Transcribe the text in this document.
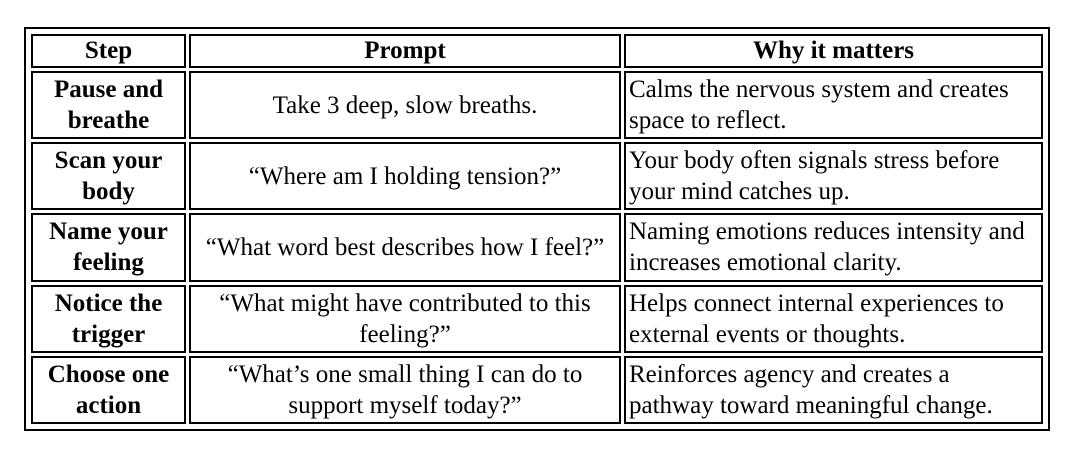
Step	Prompt	Why it matters
Pause and breathe	Take 3 deep, slow breaths.	Calms the nervous system and creates space to reflect.
Scan your body	“Where am I holding tension?”	Your body often signals stress before your mind catches up.
Name your feeling	“What word best describes how I feel?”	Naming emotions reduces intensity and increases emotional clarity.
Notice the trigger	“What might have contributed to this feeling?”	Helps connect internal experiences to external events or thoughts.
Choose one action	“What’s one small thing I can do to support myself today?”	Reinforces agency and creates a pathway toward meaningful change.
